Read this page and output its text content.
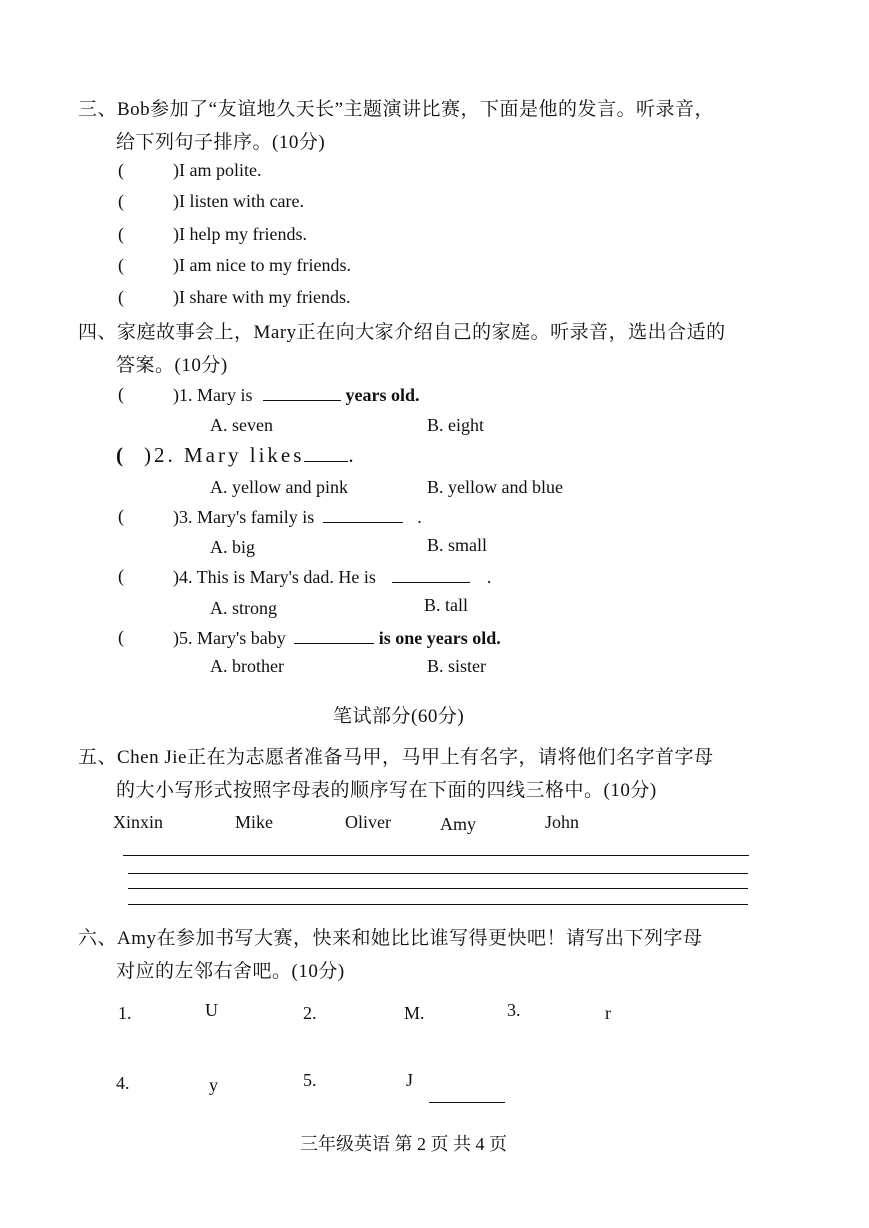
三、Bob参加了“友谊地久天长”主题演讲比赛，下面是他的发言。听录音，
给下列句子排序。(10分)
(	)I am polite.
(	)I listen with care.
(	)I help my friends.
(	)I am nice to my friends.
(	)I share with my friends.
四、家庭故事会上，Mary正在向大家介绍自己的家庭。听录音，选出合适的
答案。(10分)
(	)1. Mary is	years old.
A. seven	B. eight
( )2. Mary likes .
A. yellow and pink	B. yellow and blue
(	)3. Mary's family is	.
A. big	B. small
(	)4. This is Mary's dad. He is	.
A. strong	B. tall
(	)5. Mary's baby	is one years old.
A. brother	B. sister
笔试部分(60分)
五、Chen Jie正在为志愿者准备马甲，马甲上有名字，请将他们名字首字母
的大小写形式按照字母表的顺序写在下面的四线三格中。(10分)
Xinxin	Mike	Oliver	Amy	John
六、Amy在参加书写大赛，快来和她比比谁写得更快吧！请写出下列字母
对应的左邻右舍吧。(10分)
1.	U	2.	M.	3.	r
4.	y	5.	J
三年级英语 第 2 页 共 4 页
